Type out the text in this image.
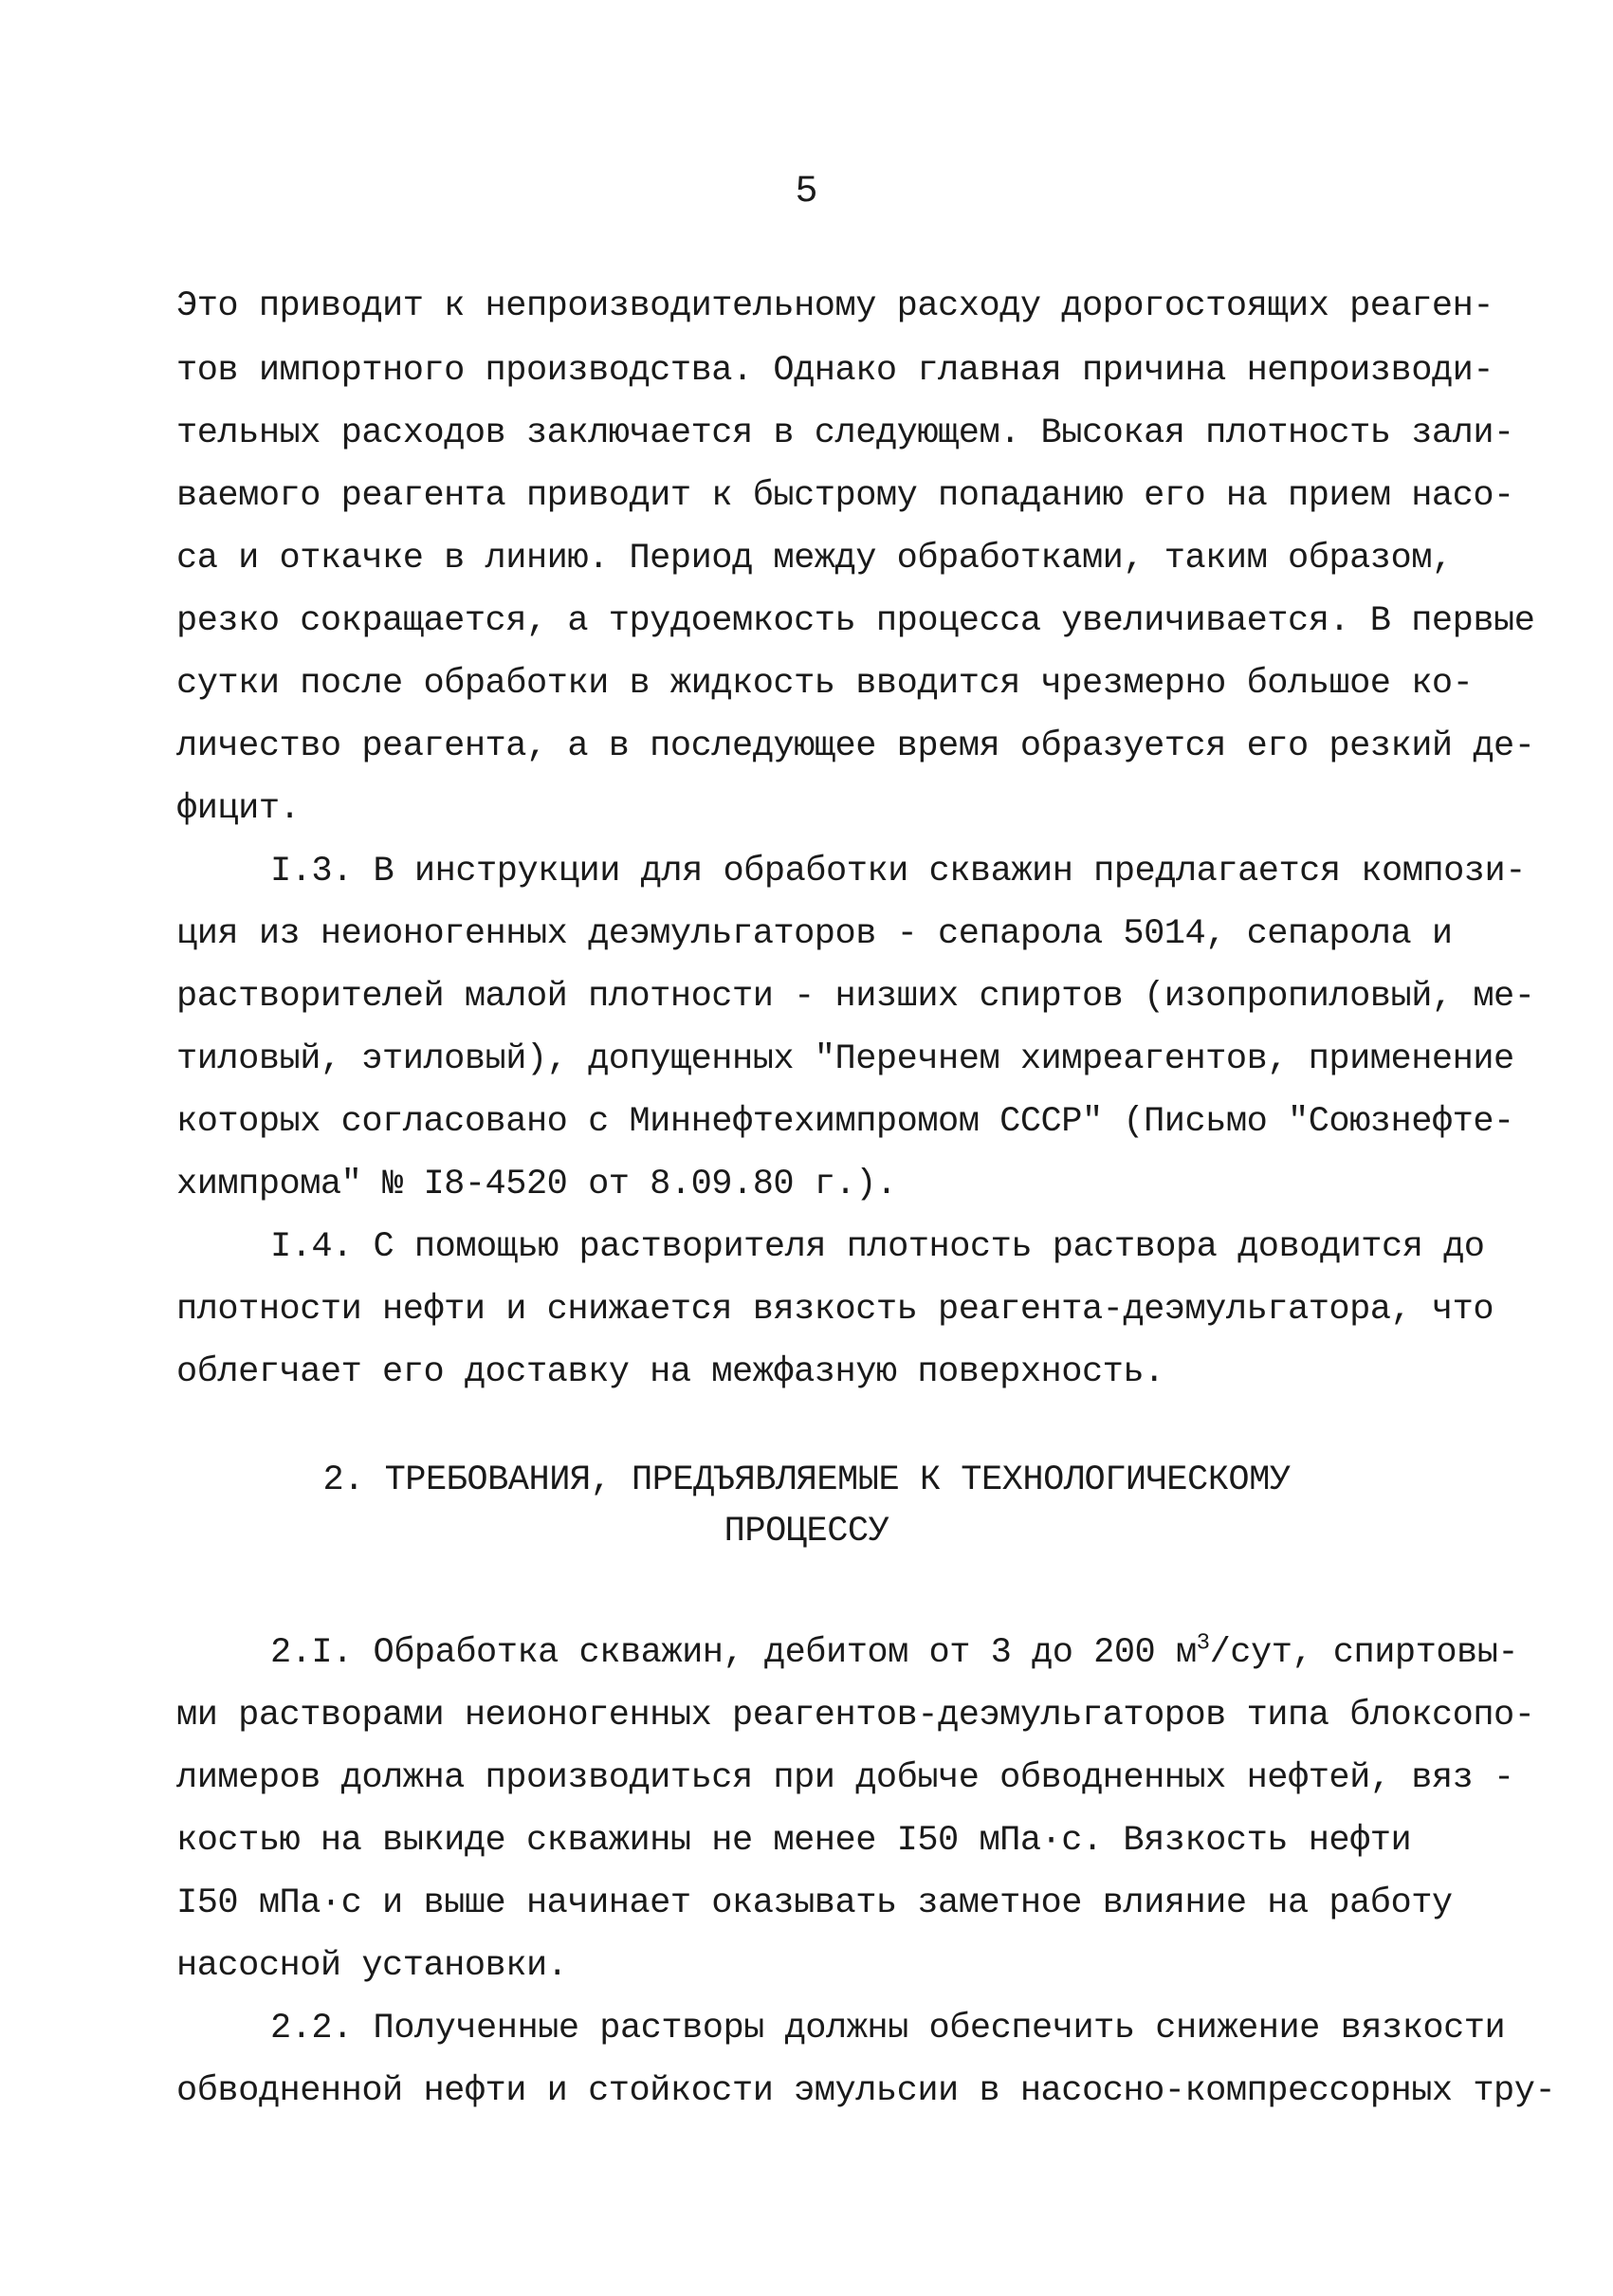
5
Это приводит к непроизводительному расходу дорогостоящих реаген-
тов импортного производства. Однако главная причина непроизводи-
тельных расходов заключается в следующем. Высокая плотность зали-
ваемого реагента приводит к быстрому попаданию его на прием насо-
са и откачке в линию. Период между обработками, таким образом,
резко сокращается, а трудоемкость процесса увеличивается. В первые
сутки после обработки в жидкость вводится чрезмерно большое ко-
личество реагента, а в последующее время образуется его резкий де-
фицит.
I.3. В инструкции для обработки скважин предлагается компози-
ция из неионогенных деэмульгаторов - сепарола 5014, сепарола и
растворителей малой плотности - низших спиртов (изопропиловый, ме-
тиловый, этиловый), допущенных "Перечнем химреагентов, применение
которых согласовано с Миннефтехимпромом СССР" (Письмо "Союзнефте-
химпрома" № I8-4520 от 8.09.80 г.).
I.4. С помощью растворителя плотность раствора доводится до
плотности нефти и снижается вязкость реагента-деэмульгатора, что
облегчает его доставку на межфазную поверхность.
2. ТРЕБОВАНИЯ, ПРЕДЪЯВЛЯЕМЫЕ К ТЕХНОЛОГИЧЕСКОМУ
ПРОЦЕССУ
2.I. Обработка скважин, дебитом от 3 до 200 $м^3$/сут, спиртовы-
ми растворами неионогенных реагентов-деэмульгаторов типа блоксопо-
лимеров должна производиться при добыче обводненных нефтей, вяз -
костью на выкиде скважины не менее I50 мПа·с. Вязкость нефти
I50 мПа·с и выше начинает оказывать заметное влияние на работу
насосной установки.
2.2. Полученные растворы должны обеспечить снижение вязкости
обводненной нефти и стойкости эмульсии в насосно-компрессорных тру-
